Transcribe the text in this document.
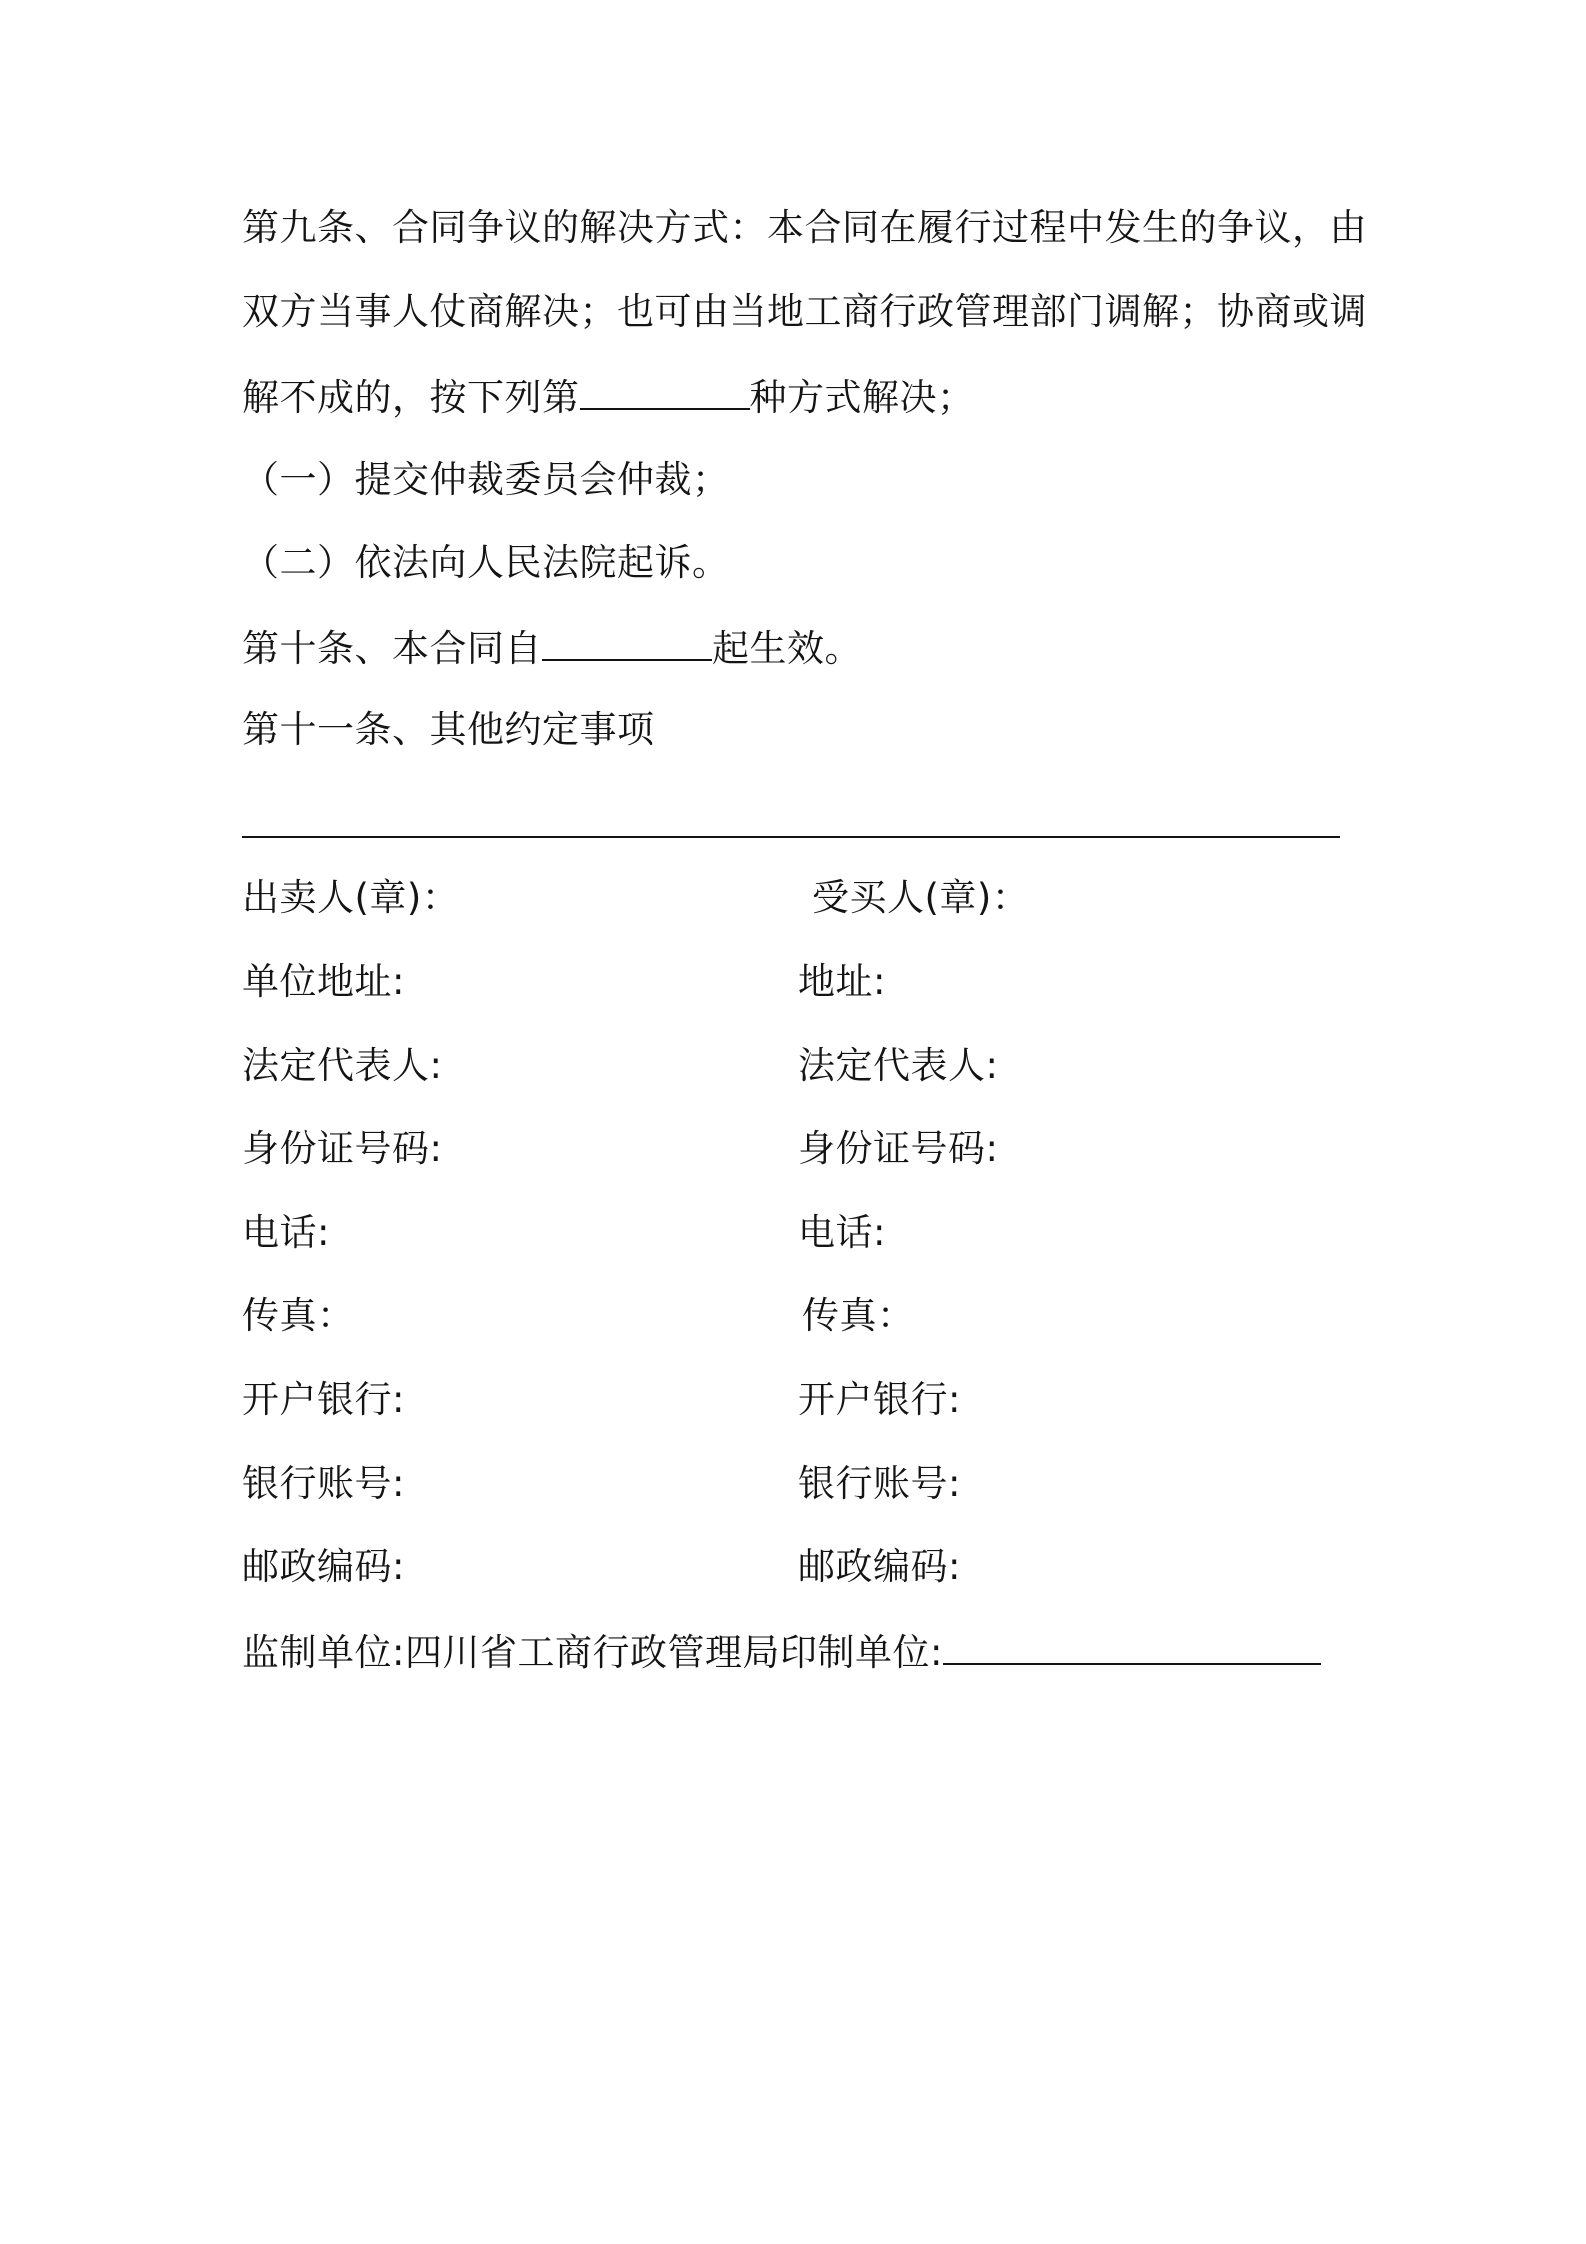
第九条、合同争议的解决方式：本合同在履行过程中发生的争议，由
双方当事人仗商解决；也可由当地工商行政管理部门调解；协商或调
解不成的，按下列第	种方式解决；
（一）提交仲裁委员会仲裁；
（二）依法向人民法院起诉。
第十条、本合同自	起生效。
第十一条、其他约定事项
出卖人(章)：
单位地址:
法定代表人:
身份证号码:
电话:
传真：
开户银行:
银行账号:
邮政编码:
受买人(章)：
地址:
法定代表人:
身份证号码:
电话:
传真：
开户银行:
银行账号:
邮政编码:
监制单位:四川省工商行政管理局印制单位:
